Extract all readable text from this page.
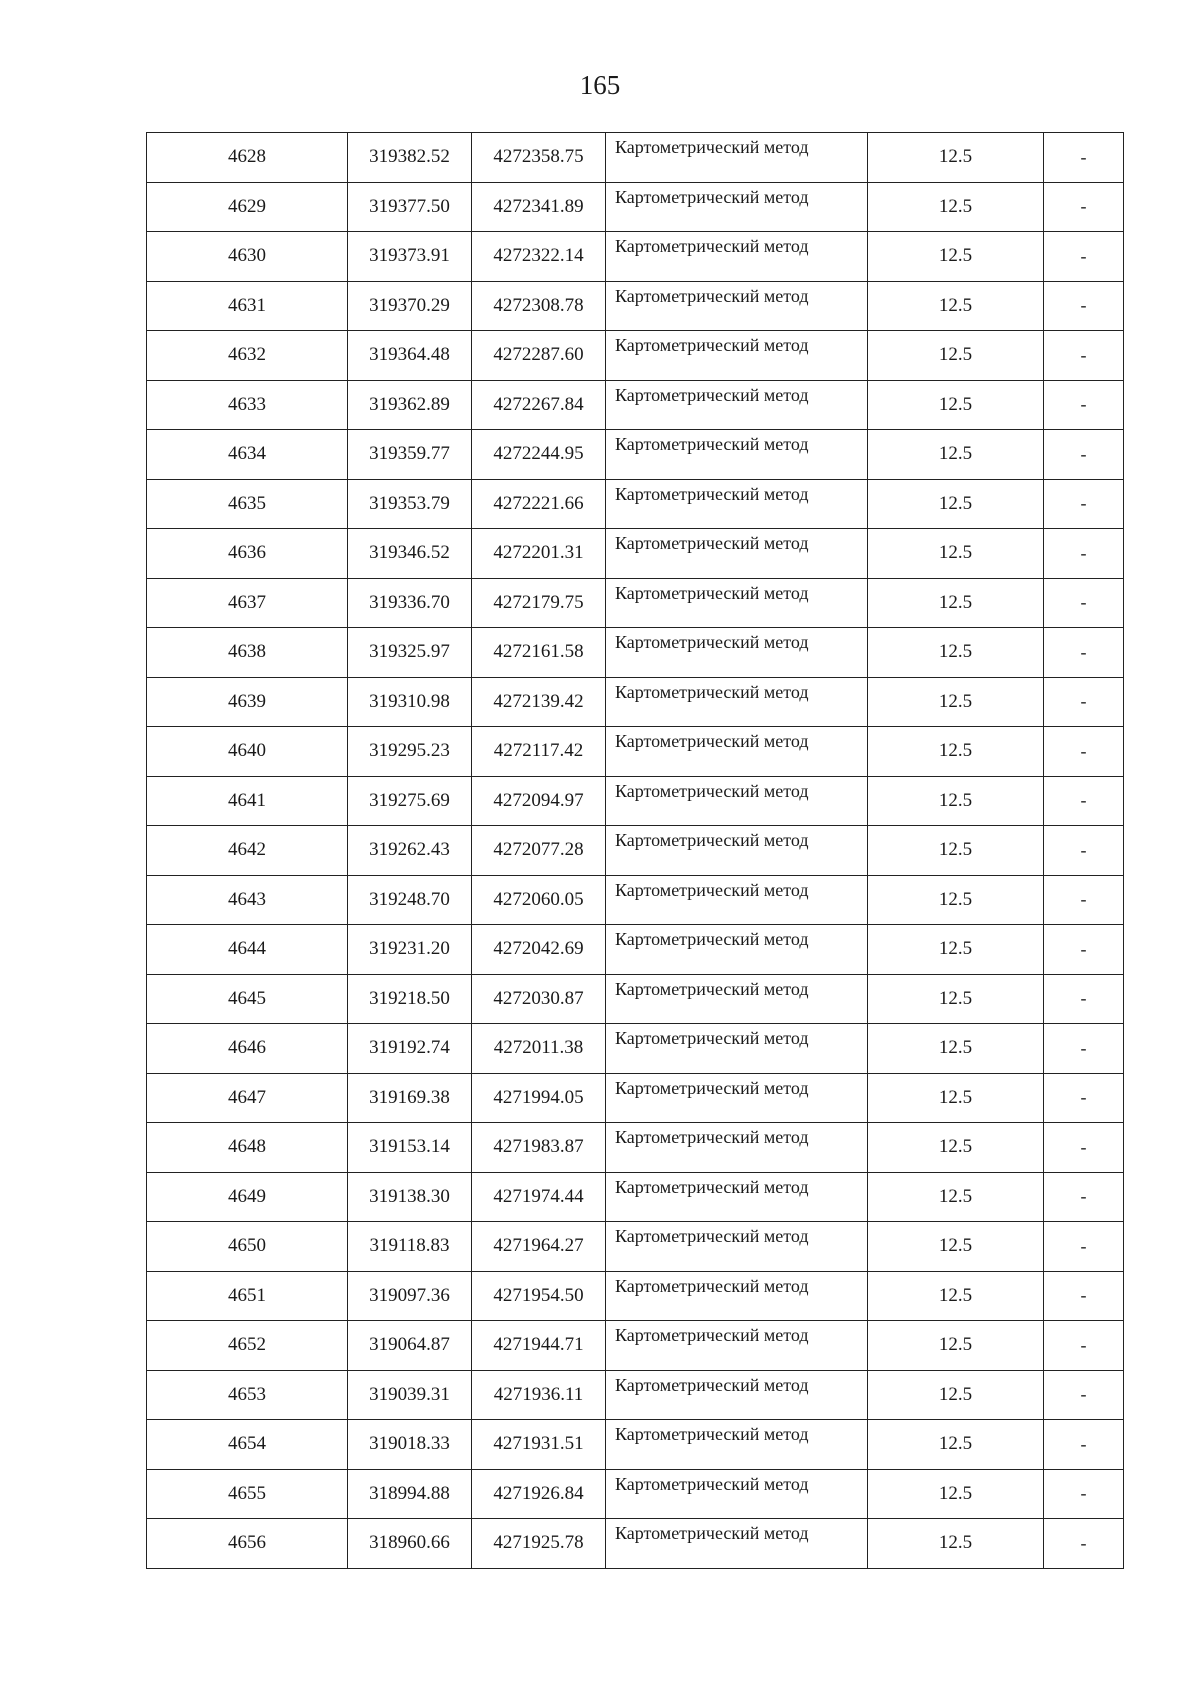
165
4628	319382.52	4272358.75	Картометрический метод	12.5	-
4629	319377.50	4272341.89	Картометрический метод	12.5	-
4630	319373.91	4272322.14	Картометрический метод	12.5	-
4631	319370.29	4272308.78	Картометрический метод	12.5	-
4632	319364.48	4272287.60	Картометрический метод	12.5	-
4633	319362.89	4272267.84	Картометрический метод	12.5	-
4634	319359.77	4272244.95	Картометрический метод	12.5	-
4635	319353.79	4272221.66	Картометрический метод	12.5	-
4636	319346.52	4272201.31	Картометрический метод	12.5	-
4637	319336.70	4272179.75	Картометрический метод	12.5	-
4638	319325.97	4272161.58	Картометрический метод	12.5	-
4639	319310.98	4272139.42	Картометрический метод	12.5	-
4640	319295.23	4272117.42	Картометрический метод	12.5	-
4641	319275.69	4272094.97	Картометрический метод	12.5	-
4642	319262.43	4272077.28	Картометрический метод	12.5	-
4643	319248.70	4272060.05	Картометрический метод	12.5	-
4644	319231.20	4272042.69	Картометрический метод	12.5	-
4645	319218.50	4272030.87	Картометрический метод	12.5	-
4646	319192.74	4272011.38	Картометрический метод	12.5	-
4647	319169.38	4271994.05	Картометрический метод	12.5	-
4648	319153.14	4271983.87	Картометрический метод	12.5	-
4649	319138.30	4271974.44	Картометрический метод	12.5	-
4650	319118.83	4271964.27	Картометрический метод	12.5	-
4651	319097.36	4271954.50	Картометрический метод	12.5	-
4652	319064.87	4271944.71	Картометрический метод	12.5	-
4653	319039.31	4271936.11	Картометрический метод	12.5	-
4654	319018.33	4271931.51	Картометрический метод	12.5	-
4655	318994.88	4271926.84	Картометрический метод	12.5	-
4656	318960.66	4271925.78	Картометрический метод	12.5	-
